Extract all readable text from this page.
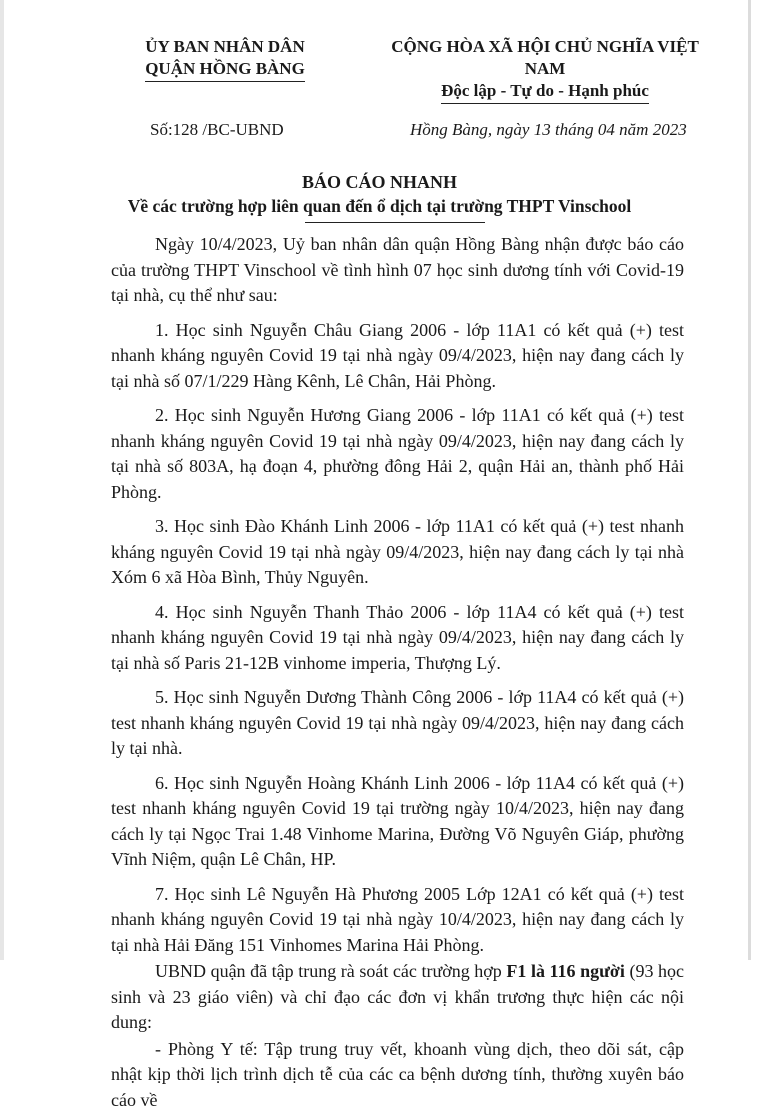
ỦY BAN NHÂN DÂN
QUẬN HỒNG BÀNG
CỘNG HÒA XÃ HỘI CHỦ NGHĨA VIỆT NAM
Độc lập - Tự do - Hạnh phúc
Số:128 /BC-UBND	Hồng Bàng, ngày 13 tháng 04 năm 2023
BÁO CÁO NHANH
Về các trường hợp liên quan đến ổ dịch tại trường THPT Vinschool

Ngày 10/4/2023, Uỷ ban nhân dân quận Hồng Bàng nhận được báo cáo của trường THPT Vinschool về tình hình 07 học sinh dương tính với Covid-19 tại nhà, cụ thể như sau:

1. Học sinh Nguyễn Châu Giang 2006 - lớp 11A1 có kết quả (+) test nhanh kháng nguyên Covid 19 tại nhà ngày 09/4/2023, hiện nay đang cách ly tại nhà số 07/1/229 Hàng Kênh, Lê Chân, Hải Phòng.

2. Học sinh Nguyễn Hương Giang 2006 - lớp 11A1 có kết quả (+) test nhanh kháng nguyên Covid 19 tại nhà ngày 09/4/2023, hiện nay đang cách ly tại nhà số 803A, hạ đoạn 4, phường đông Hải 2, quận Hải an, thành phố Hải Phòng.

3. Học sinh Đào Khánh Linh 2006 - lớp 11A1 có kết quả (+) test nhanh kháng nguyên Covid 19 tại nhà ngày 09/4/2023, hiện nay đang cách ly tại nhà Xóm 6 xã Hòa Bình, Thủy Nguyên.

4. Học sinh Nguyễn Thanh Thảo 2006 - lớp 11A4 có kết quả (+) test nhanh kháng nguyên Covid 19 tại nhà ngày 09/4/2023, hiện nay đang cách ly tại nhà số Paris 21-12B vinhome imperia, Thượng Lý.

5. Học sinh Nguyễn Dương Thành Công 2006 - lớp 11A4 có kết quả (+) test nhanh kháng nguyên Covid 19 tại nhà ngày 09/4/2023, hiện nay đang cách ly tại nhà.

6. Học sinh Nguyễn Hoàng Khánh Linh 2006 - lớp 11A4 có kết quả (+) test nhanh kháng nguyên Covid 19 tại trường ngày 10/4/2023, hiện nay đang cách ly tại Ngọc Trai 1.48 Vinhome Marina, Đường Võ Nguyên Giáp, phường Vĩnh Niệm, quận Lê Chân, HP.

7. Học sinh Lê Nguyễn Hà Phương 2005 Lớp 12A1 có kết quả (+) test nhanh kháng nguyên Covid 19 tại nhà ngày 10/4/2023, hiện nay đang cách ly tại nhà Hải Đăng 151 Vinhomes Marina Hải Phòng.

UBND quận đã tập trung rà soát các trường hợp F1 là 116 người (93 học sinh và 23 giáo viên) và chỉ đạo các đơn vị khẩn trương thực hiện các nội dung:

- Phòng Y tế: Tập trung truy vết, khoanh vùng dịch, theo dõi sát, cập nhật kịp thời lịch trình dịch tễ của các ca bệnh dương tính, thường xuyên báo cáo về
